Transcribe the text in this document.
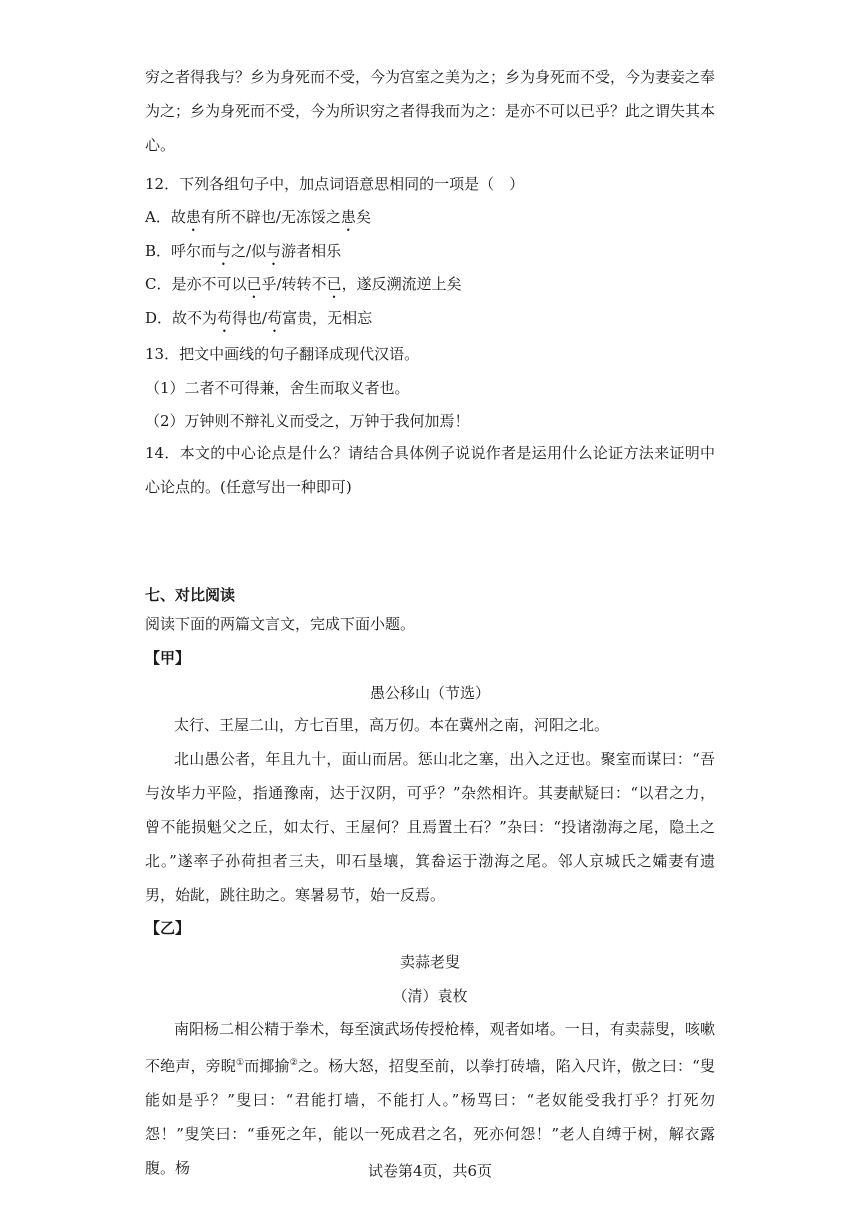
穷之者得我与？乡为身死而不受，今为宫室之美为之；乡为身死而不受，今为妻妾之奉为之；乡为身死而不受，今为所识穷之者得我而为之：是亦不可以已乎？此之谓失其本心。
12．下列各组句子中，加点词语意思相同的一项是（　）
A．故患有所不辟也/无冻馁之患矣
B．呼尔而与之/似与游者相乐
C．是亦不可以已乎/转转不已，遂反溯流逆上矣
D．故不为苟得也/苟富贵，无相忘
13．把文中画线的句子翻译成现代汉语。
（1）二者不可得兼，舍生而取义者也。
（2）万钟则不辩礼义而受之，万钟于我何加焉！
14．本文的中心论点是什么？请结合具体例子说说作者是运用什么论证方法来证明中心论点的。(任意写出一种即可)
七、对比阅读
阅读下面的两篇文言文，完成下面小题。
【甲】
愚公移山（节选）
太行、王屋二山，方七百里，高万仞。本在冀州之南，河阳之北。
北山愚公者，年且九十，面山而居。惩山北之塞，出入之迂也。聚室而谋曰：“吾与汝毕力平险，指通豫南，达于汉阴，可乎？”杂然相许。其妻献疑曰：“以君之力，曾不能损魁父之丘，如太行、王屋何？且焉置土石？”杂曰：“投诸渤海之尾，隐土之北。”遂率子孙荷担者三夫，叩石垦壤，箕畚运于渤海之尾。邻人京城氏之孀妻有遗男，始龀，跳往助之。寒暑易节，始一反焉。
【乙】
卖蒜老叟
（清）袁枚
南阳杨二相公精于拳术，每至演武场传授枪棒，观者如堵。一日，有卖蒜叟，咳嗽不绝声，旁睨①而揶揄②之。杨大怒，招叟至前，以拳打砖墙，陷入尺许，傲之曰：“叟能如是乎？”叟曰：“君能打墙，不能打人。”杨骂曰：“老奴能受我打乎？打死勿怨！”叟笑曰：“垂死之年，能以一死成君之名，死亦何怨！”老人自缚于树，解衣露腹。杨	试卷第4页，共6页
